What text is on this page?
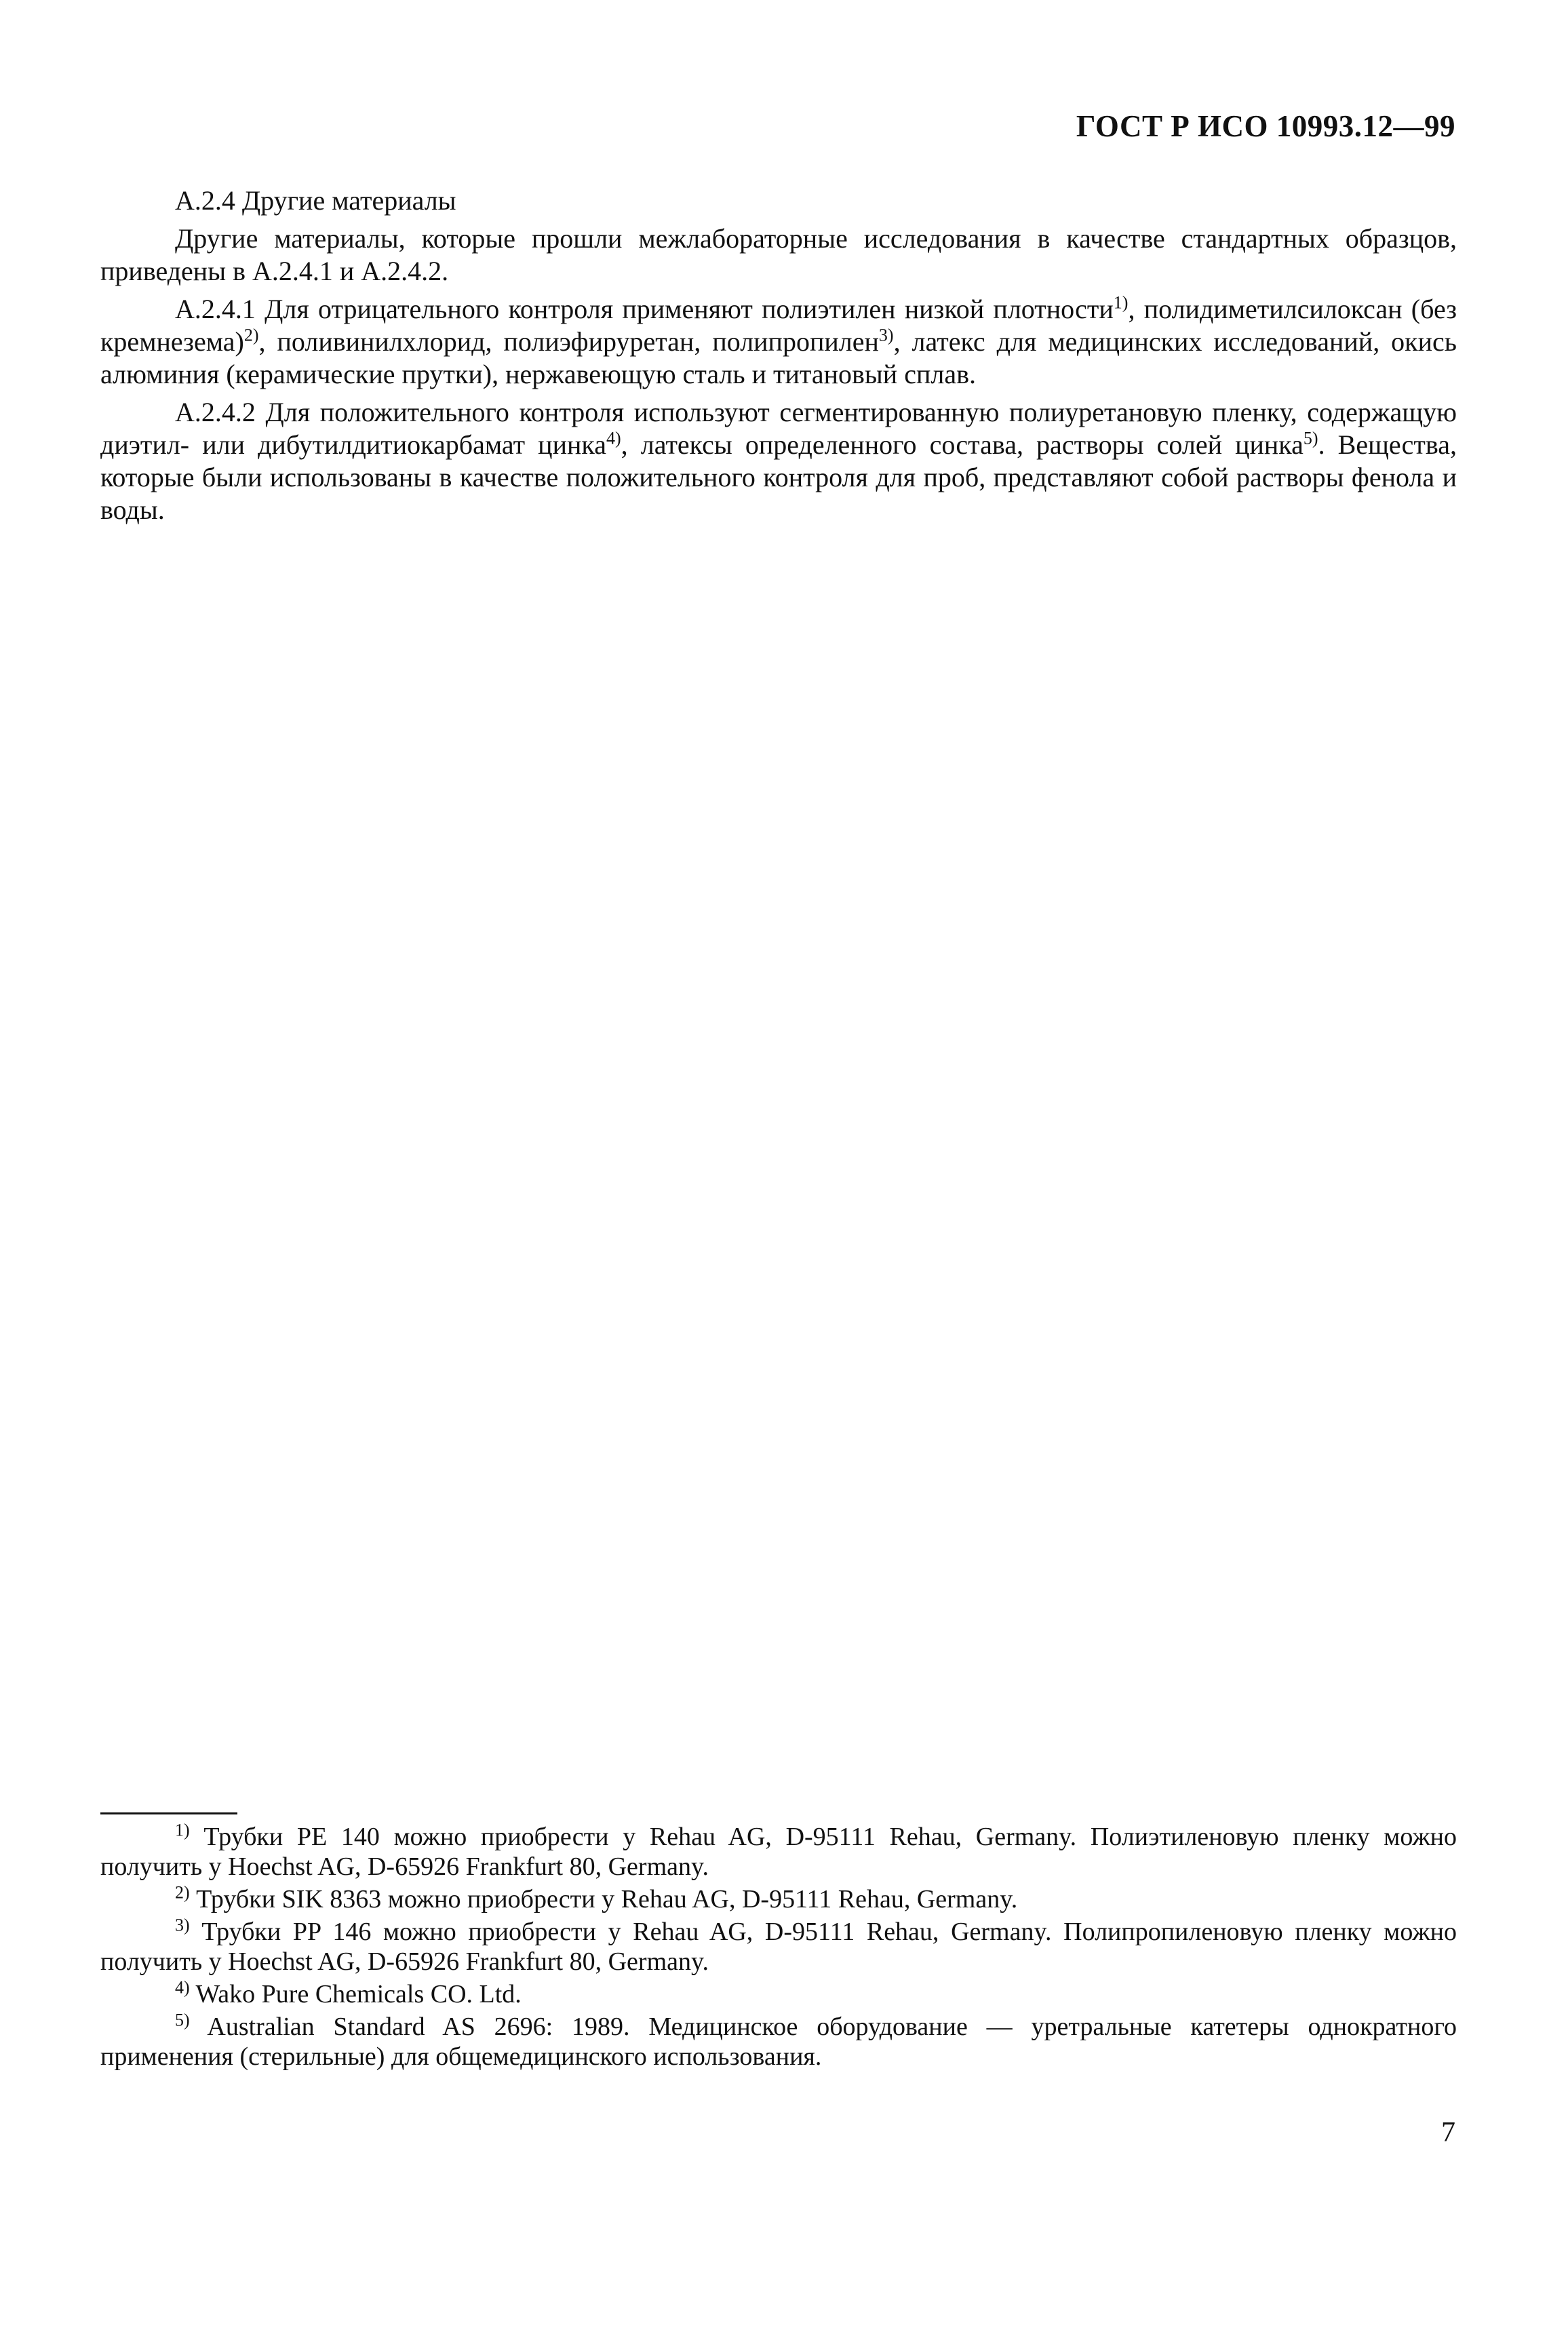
ГОСТ Р ИСО 10993.12—99

А.2.4 Другие материалы

Другие материалы, которые прошли межлабораторные исследования в качестве стандартных образцов, приведены в А.2.4.1 и А.2.4.2.

А.2.4.1 Для отрицательного контроля применяют полиэтилен низкой плотности$^{1)}$, полидиметилсилоксан (без кремнезема)$^{2)}$, поливинилхлорид, полиэфируретан, полипропилен$^{3)}$, латекс для медицинских исследований, окись алюминия (керамические прутки), нержавеющую сталь и титановый сплав.

А.2.4.2 Для положительного контроля используют сегментированную полиуретановую пленку, содержащую диэтил- или дибутилдитиокарбамат цинка$^{4)}$, латексы определенного состава, растворы солей цинка$^{5)}$. Вещества, которые были использованы в качестве положительного контроля для проб, представляют собой растворы фенола и воды.

$^{1)}$ Трубки PE 140 можно приобрести у Rehau AG, D-95111 Rehau, Germany. Полиэтиленовую пленку можно получить у Hoechst AG, D-65926 Frankfurt 80, Germany.

$^{2)}$ Трубки SIK 8363 можно приобрести у Rehau AG, D-95111 Rehau, Germany.

$^{3)}$ Трубки PP 146 можно приобрести у Rehau AG, D-95111 Rehau, Germany. Полипропиленовую пленку можно получить у Hoechst AG, D-65926 Frankfurt 80, Germany.

$^{4)}$ Wako Pure Chemicals CO. Ltd.

$^{5)}$ Australian Standard AS 2696: 1989. Медицинское оборудование — уретральные катетеры однократного применения (стерильные) для общемедицинского использования.

7
